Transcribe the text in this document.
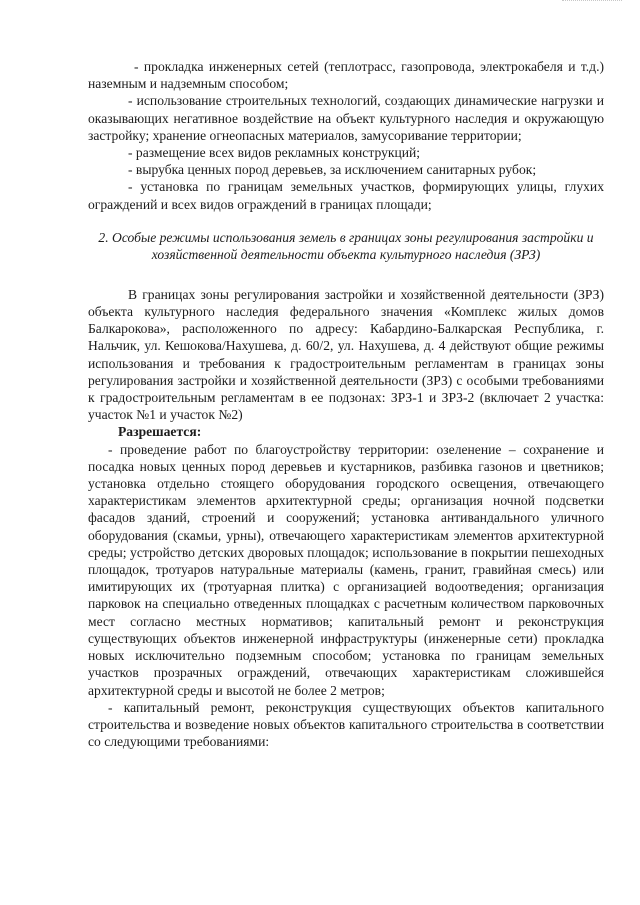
- прокладка инженерных сетей (теплотрасс, газопровода, электрокабеля и т.д.) наземным и надземным способом;

- использование строительных технологий, создающих динамические нагрузки и оказывающих негативное воздействие на объект культурного наследия и окружающую застройку; хранение огнеопасных материалов, замусоривание территории;

- размещение всех видов рекламных конструкций;

- вырубка ценных пород деревьев, за исключением санитарных рубок;

- установка по границам земельных участков, формирующих улицы, глухих ограждений и всех видов ограждений в границах площади;

2. Особые режимы использования земель в границах зоны регулирования застройки и хозяйственной деятельности объекта культурного наследия (ЗРЗ)

В границах зоны регулирования застройки и хозяйственной деятельности (ЗРЗ) объекта культурного наследия федерального значения «Комплекс жилых домов Балкарокова», расположенного по адресу: Кабардино-Балкарская Республика, г. Нальчик, ул. Кешокова/Нахушева, д. 60/2, ул. Нахушева, д. 4 действуют общие режимы использования и требования к градостроительным регламентам в границах зоны регулирования застройки и хозяйственной деятельности (ЗРЗ) с особыми требованиями к градостроительным регламентам в ее подзонах: ЗРЗ-1 и ЗРЗ-2 (включает 2 участка: участок №1 и участок №2)

Разрешается:

- проведение работ по благоустройству территории: озеленение – сохранение и посадка новых ценных пород деревьев и кустарников, разбивка газонов и цветников; установка отдельно стоящего оборудования городского освещения, отвечающего характеристикам элементов архитектурной среды; организация ночной подсветки фасадов зданий, строений и сооружений; установка антивандального уличного оборудования (скамьи, урны), отвечающего характеристикам элементов архитектурной среды; устройство детских дворовых площадок; использование в покрытии пешеходных площадок, тротуаров натуральные материалы (камень, гранит, гравийная смесь) или имитирующих их (тротуарная плитка) с организацией водоотведения; организация парковок на специально отведенных площадках с расчетным количеством парковочных мест согласно местных нормативов; капитальный ремонт и реконструкция существующих объектов инженерной инфраструктуры (инженерные сети) прокладка новых исключительно подземным способом; установка по границам земельных участков прозрачных ограждений, отвечающих характеристикам сложившейся архитектурной среды и высотой не более 2 метров;

- капитальный ремонт, реконструкция существующих объектов капитального строительства и возведение новых объектов капитального строительства в соответствии со следующими требованиями:
